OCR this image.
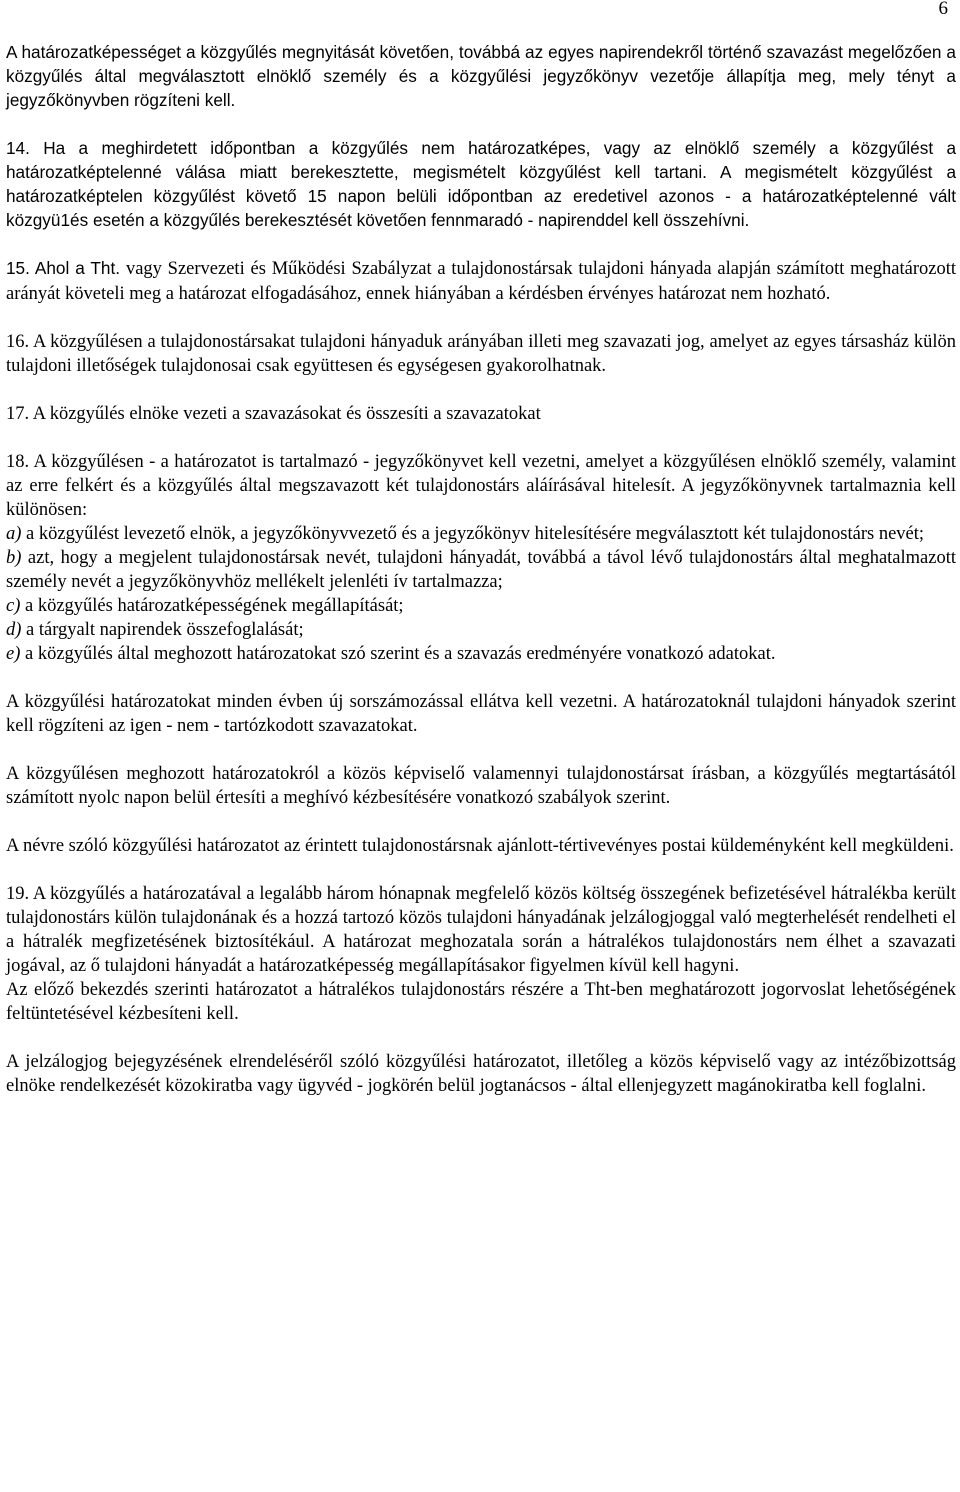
6

A határozatképességet a közgyűlés megnyitását követően, továbbá az egyes napirendekről történő szavazást megelőzően a közgyűlés által megválasztott elnöklő személy és a közgyűlési jegyzőkönyv vezetője állapítja meg, mely tényt a jegyzőkönyvben rögzíteni kell.

14. Ha a meghirdetett időpontban a közgyűlés nem határozatképes, vagy az elnöklő személy a közgyűlést a határozatképtelenné válása miatt berekesztette, megismételt közgyűlést kell tartani. A megismételt közgyűlést a határozatképtelen közgyűlést követő 15 napon belüli időpontban az eredetivel azonos - a határozatképtelenné vált közgyü1és esetén a közgyűlés berekesztését követően fennmaradó - napirenddel kell összehívni.

15. Ahol a Tht. vagy Szervezeti és Működési Szabályzat a tulajdonostársak tulajdoni hányada alapján számított meghatározott arányát követeli meg a határozat elfogadásához, ennek hiányában a kérdésben érvényes határozat nem hozható.

16. A közgyűlésen a tulajdonostársakat tulajdoni hányaduk arányában illeti meg szavazati jog, amelyet az egyes társasház külön tulajdoni illetőségek tulajdonosai csak együttesen és egységesen gyakorolhatnak.

17. A közgyűlés elnöke vezeti a szavazásokat és összesíti a szavazatokat

18. A közgyűlésen - a határozatot is tartalmazó - jegyzőkönyvet kell vezetni, amelyet a közgyűlésen elnöklő személy, valamint az erre felkért és a közgyűlés által megszavazott két tulajdonostárs aláírásával hitelesít. A jegyzőkönyvnek tartalmaznia kell különösen:

a) a közgyűlést levezető elnök, a jegyzőkönyvvezető és a jegyzőkönyv hitelesítésére megválasztott két tulajdonostárs nevét;

b) azt, hogy a megjelent tulajdonostársak nevét, tulajdoni hányadát, továbbá a távol lévő tulajdonostárs által meghatalmazott személy nevét a jegyzőkönyvhöz mellékelt jelenléti ív tartalmazza;

c) a közgyűlés határozatképességének megállapítását;

d) a tárgyalt napirendek összefoglalását;

e) a közgyűlés által meghozott határozatokat szó szerint és a szavazás eredményére vonatkozó adatokat.

A közgyűlési határozatokat minden évben új sorszámozással ellátva kell vezetni. A határozatoknál tulajdoni hányadok szerint kell rögzíteni az igen - nem - tartózkodott szavazatokat.

A közgyűlésen meghozott határozatokról a közös képviselő valamennyi tulajdonostársat írásban, a közgyűlés megtartásától számított nyolc napon belül értesíti a meghívó kézbesítésére vonatkozó szabályok szerint.

A névre szóló közgyűlési határozatot az érintett tulajdonostársnak ajánlott-tértivevényes postai küldeményként kell megküldeni.

19. A közgyűlés a határozatával a legalább három hónapnak megfelelő közös költség összegének befizetésével hátralékba került tulajdonostárs külön tulajdonának és a hozzá tartozó közös tulajdoni hányadának jelzálogjoggal való megterhelését rendelheti el a hátralék megfizetésének biztosítékául. A határozat meghozatala során a hátralékos tulajdonostárs nem élhet a szavazati jogával, az ő tulajdoni hányadát a határozatképesség megállapításakor figyelmen kívül kell hagyni.

Az előző bekezdés szerinti határozatot a hátralékos tulajdonostárs részére a Tht-ben meghatározott jogorvoslat lehetőségének feltüntetésével kézbesíteni kell.

A jelzálogjog bejegyzésének elrendeléséről szóló közgyűlési határozatot, illetőleg a közös képviselő vagy az intézőbizottság elnöke rendelkezését közokiratba vagy ügyvéd - jogkörén belül jogtanácsos - által ellenjegyzett magánokiratba kell foglalni.
